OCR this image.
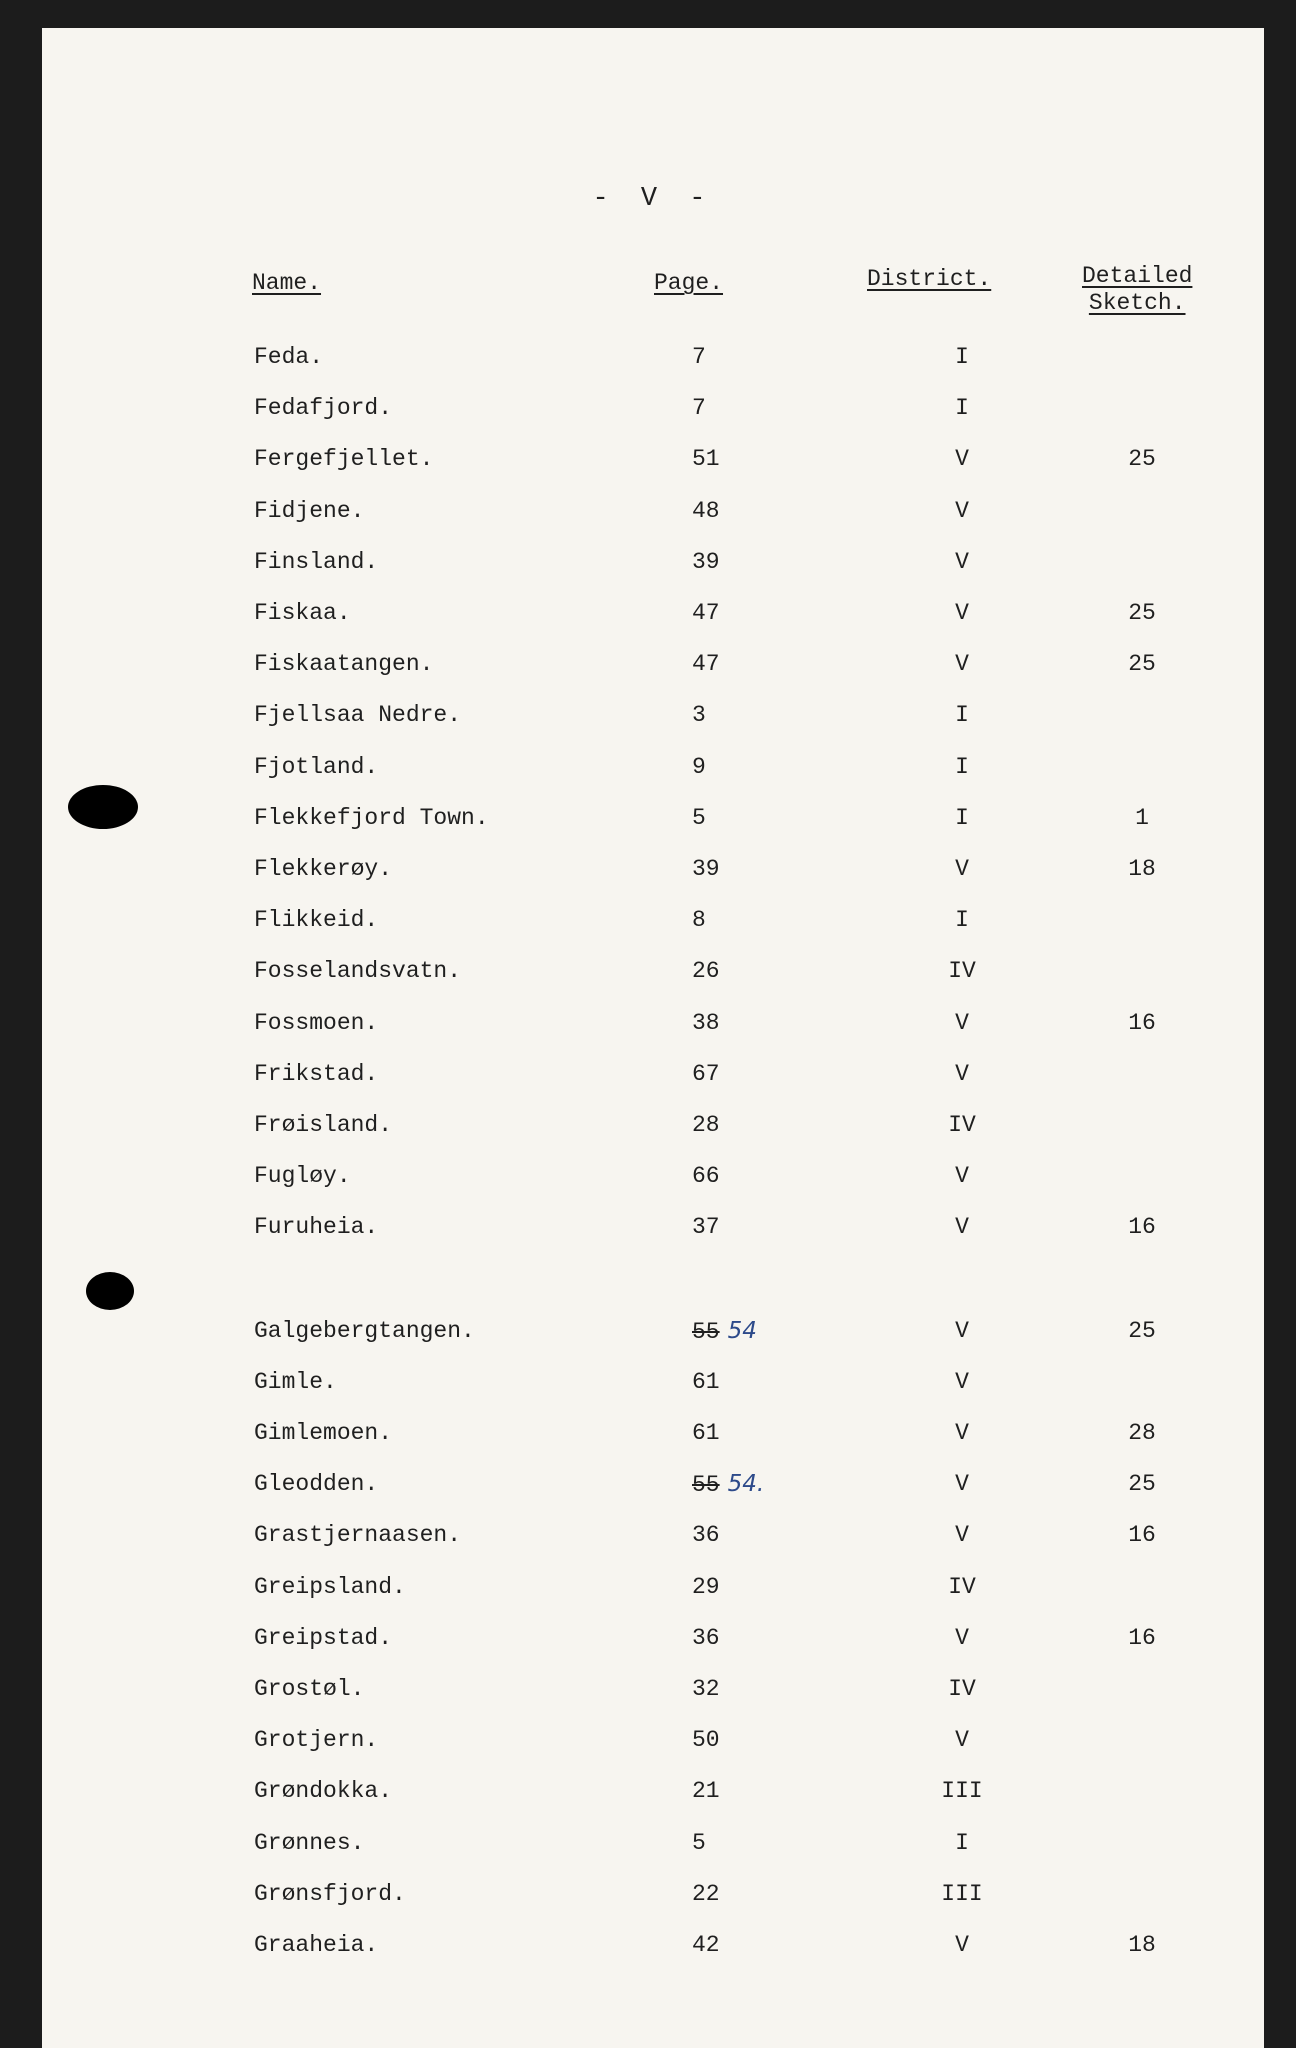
- V -
Name.	Page.	District.	Detailed
Sketch.
Feda.	7	I
Fedafjord.	7	I
Fergefjellet.	51	V	25
Fidjene.	48	V
Finsland.	39	V
Fiskaa.	47	V	25
Fiskaatangen.	47	V	25
Fjellsaa Nedre.	3	I
Fjotland.	9	I
Flekkefjord Town.	5	I	1
Flekkerøy.	39	V	18
Flikkeid.	8	I
Fosselandsvatn.	26	IV
Fossmoen.	38	V	16
Frikstad.	67	V
Frøisland.	28	IV
Fugløy.	66	V
Furuheia.	37	V	16
Galgebergtangen.	55 54	V	25
Gimle.	61	V
Gimlemoen.	61	V	28
Gleodden.	55 54.	V	25
Grastjernaasen.	36	V	16
Greipsland.	29	IV
Greipstad.	36	V	16
Grostøl.	32	IV
Grotjern.	50	V
Grøndokka.	21	III
Grønnes.	5	I
Grønsfjord.	22	III
Graaheia.	42	V	18
